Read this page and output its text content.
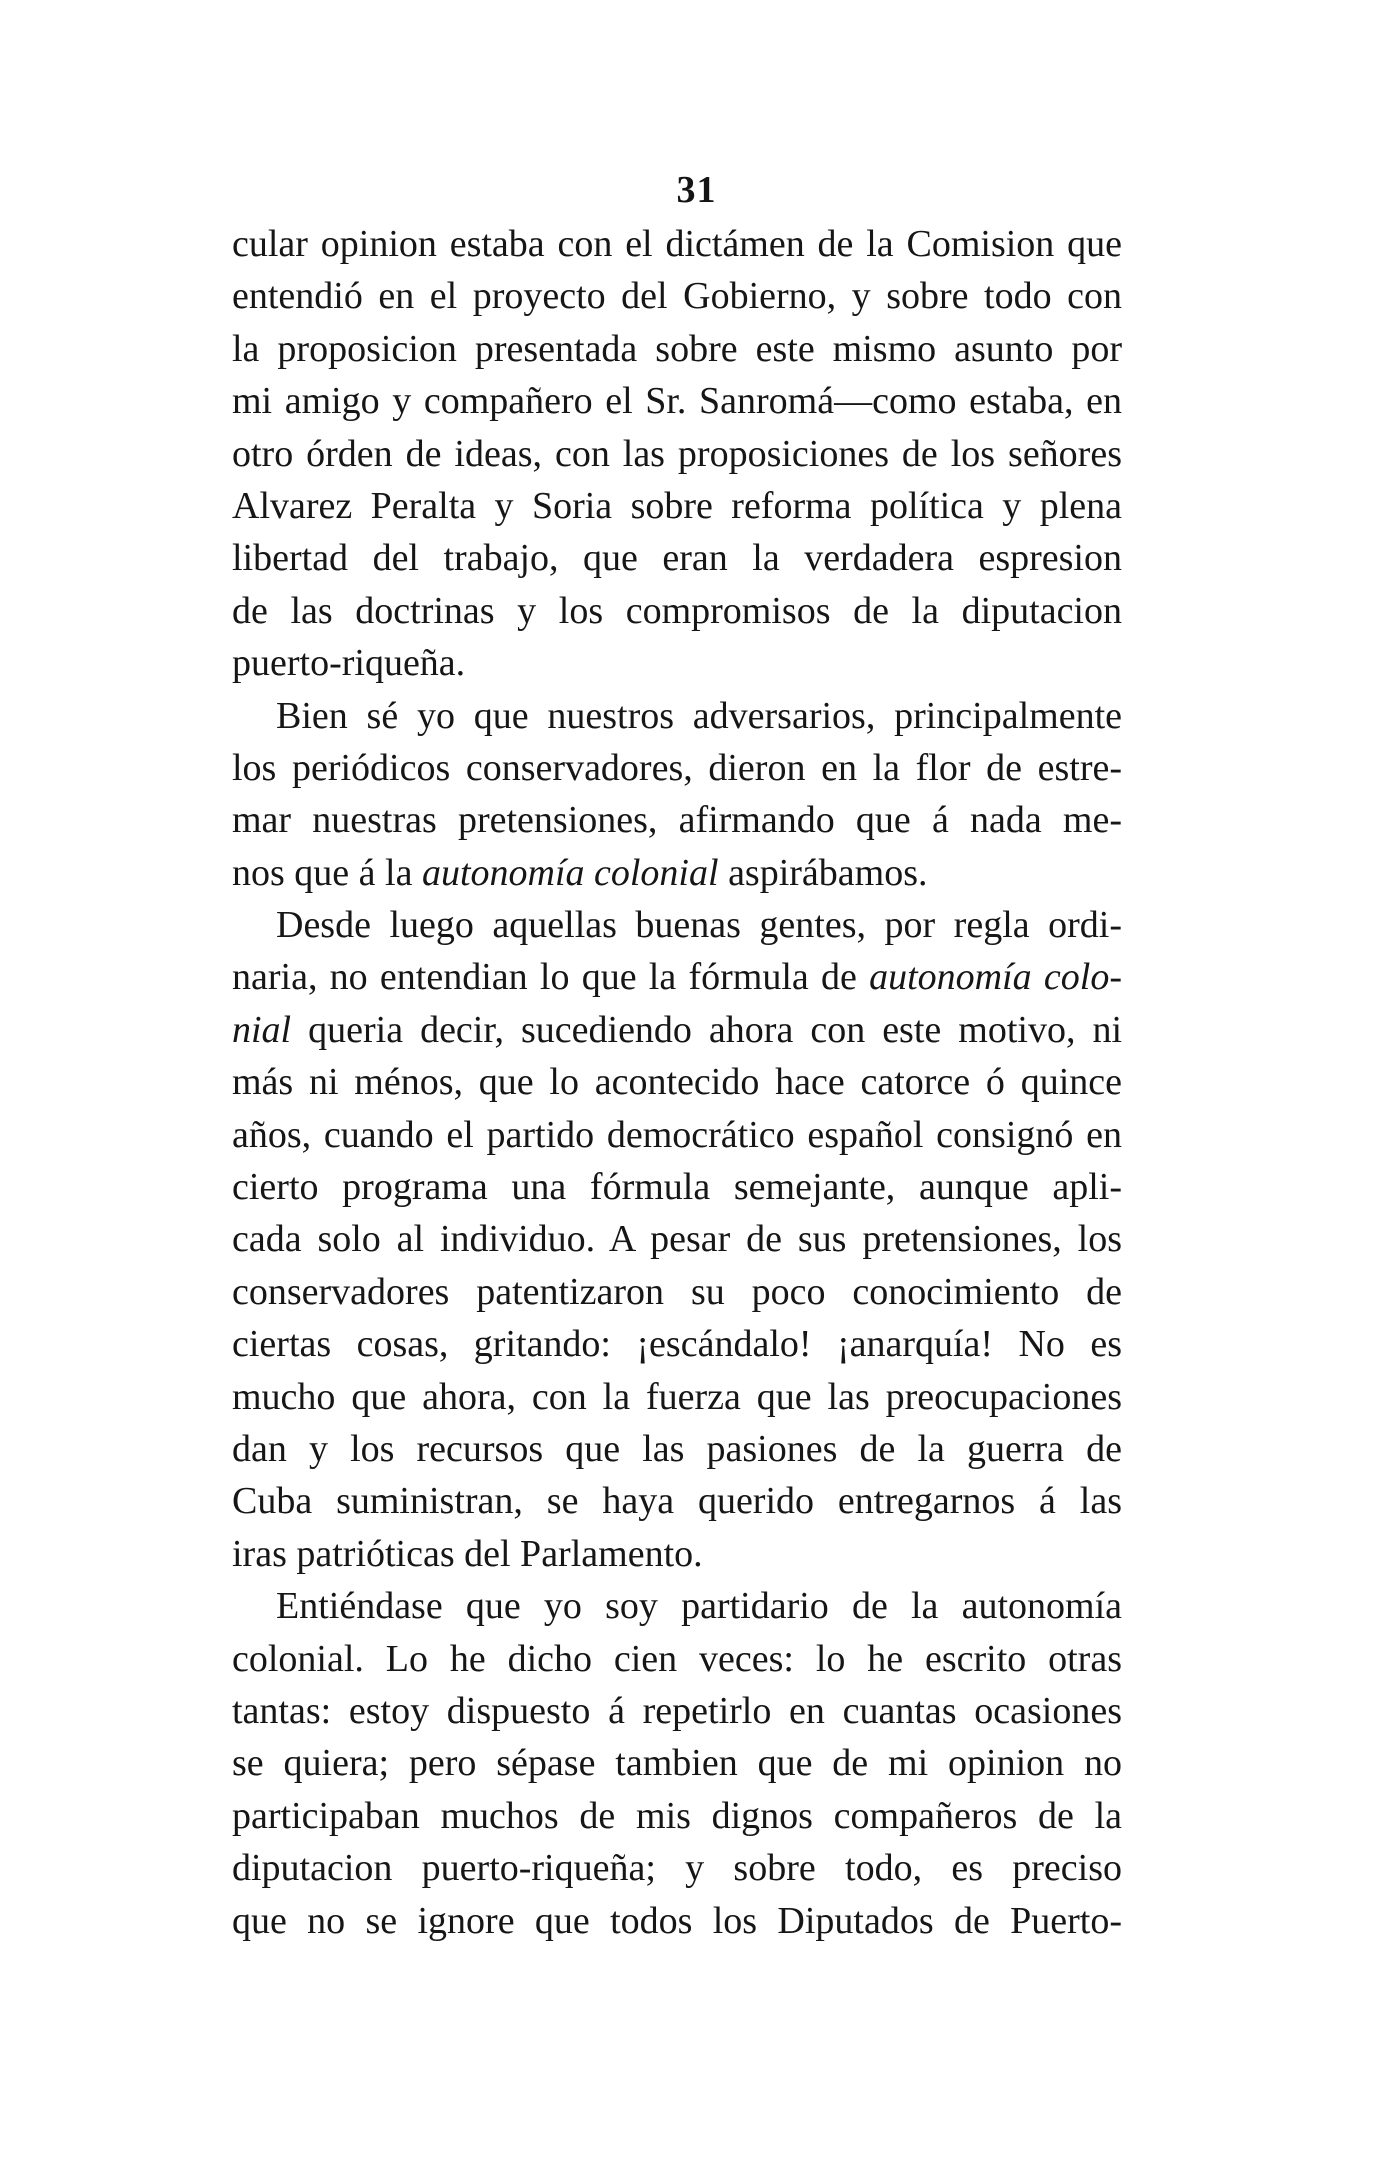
31
cular opinion estaba con el dictámen de la Comision que
entendió en el proyecto del Gobierno, y sobre todo con
la proposicion presentada sobre este mismo asunto por
mi amigo y compañero el Sr. Sanromá—como estaba, en
otro órden de ideas, con las proposiciones de los señores
Alvarez Peralta y Soria sobre reforma política y plena
libertad del trabajo, que eran la verdadera espresion
de las doctrinas y los compromisos de la diputacion
puerto-riqueña.
Bien sé yo que nuestros adversarios, principalmente
los periódicos conservadores, dieron en la flor de estre-
mar nuestras pretensiones, afirmando que á nada me-
nos que á la autonomía colonial aspirábamos.
Desde luego aquellas buenas gentes, por regla ordi-
naria, no entendian lo que la fórmula de autonomía colo-
nial queria decir, sucediendo ahora con este motivo, ni
más ni ménos, que lo acontecido hace catorce ó quince
años, cuando el partido democrático español consignó en
cierto programa una fórmula semejante, aunque apli-
cada solo al individuo. A pesar de sus pretensiones, los
conservadores patentizaron su poco conocimiento de
ciertas cosas, gritando: ¡escándalo! ¡anarquía! No es
mucho que ahora, con la fuerza que las preocupaciones
dan y los recursos que las pasiones de la guerra de
Cuba suministran, se haya querido entregarnos á las
iras patrióticas del Parlamento.
Entiéndase que yo soy partidario de la autonomía
colonial. Lo he dicho cien veces: lo he escrito otras
tantas: estoy dispuesto á repetirlo en cuantas ocasiones
se quiera; pero sépase tambien que de mi opinion no
participaban muchos de mis dignos compañeros de la
diputacion puerto-riqueña; y sobre todo, es preciso
que no se ignore que todos los Diputados de Puerto-
